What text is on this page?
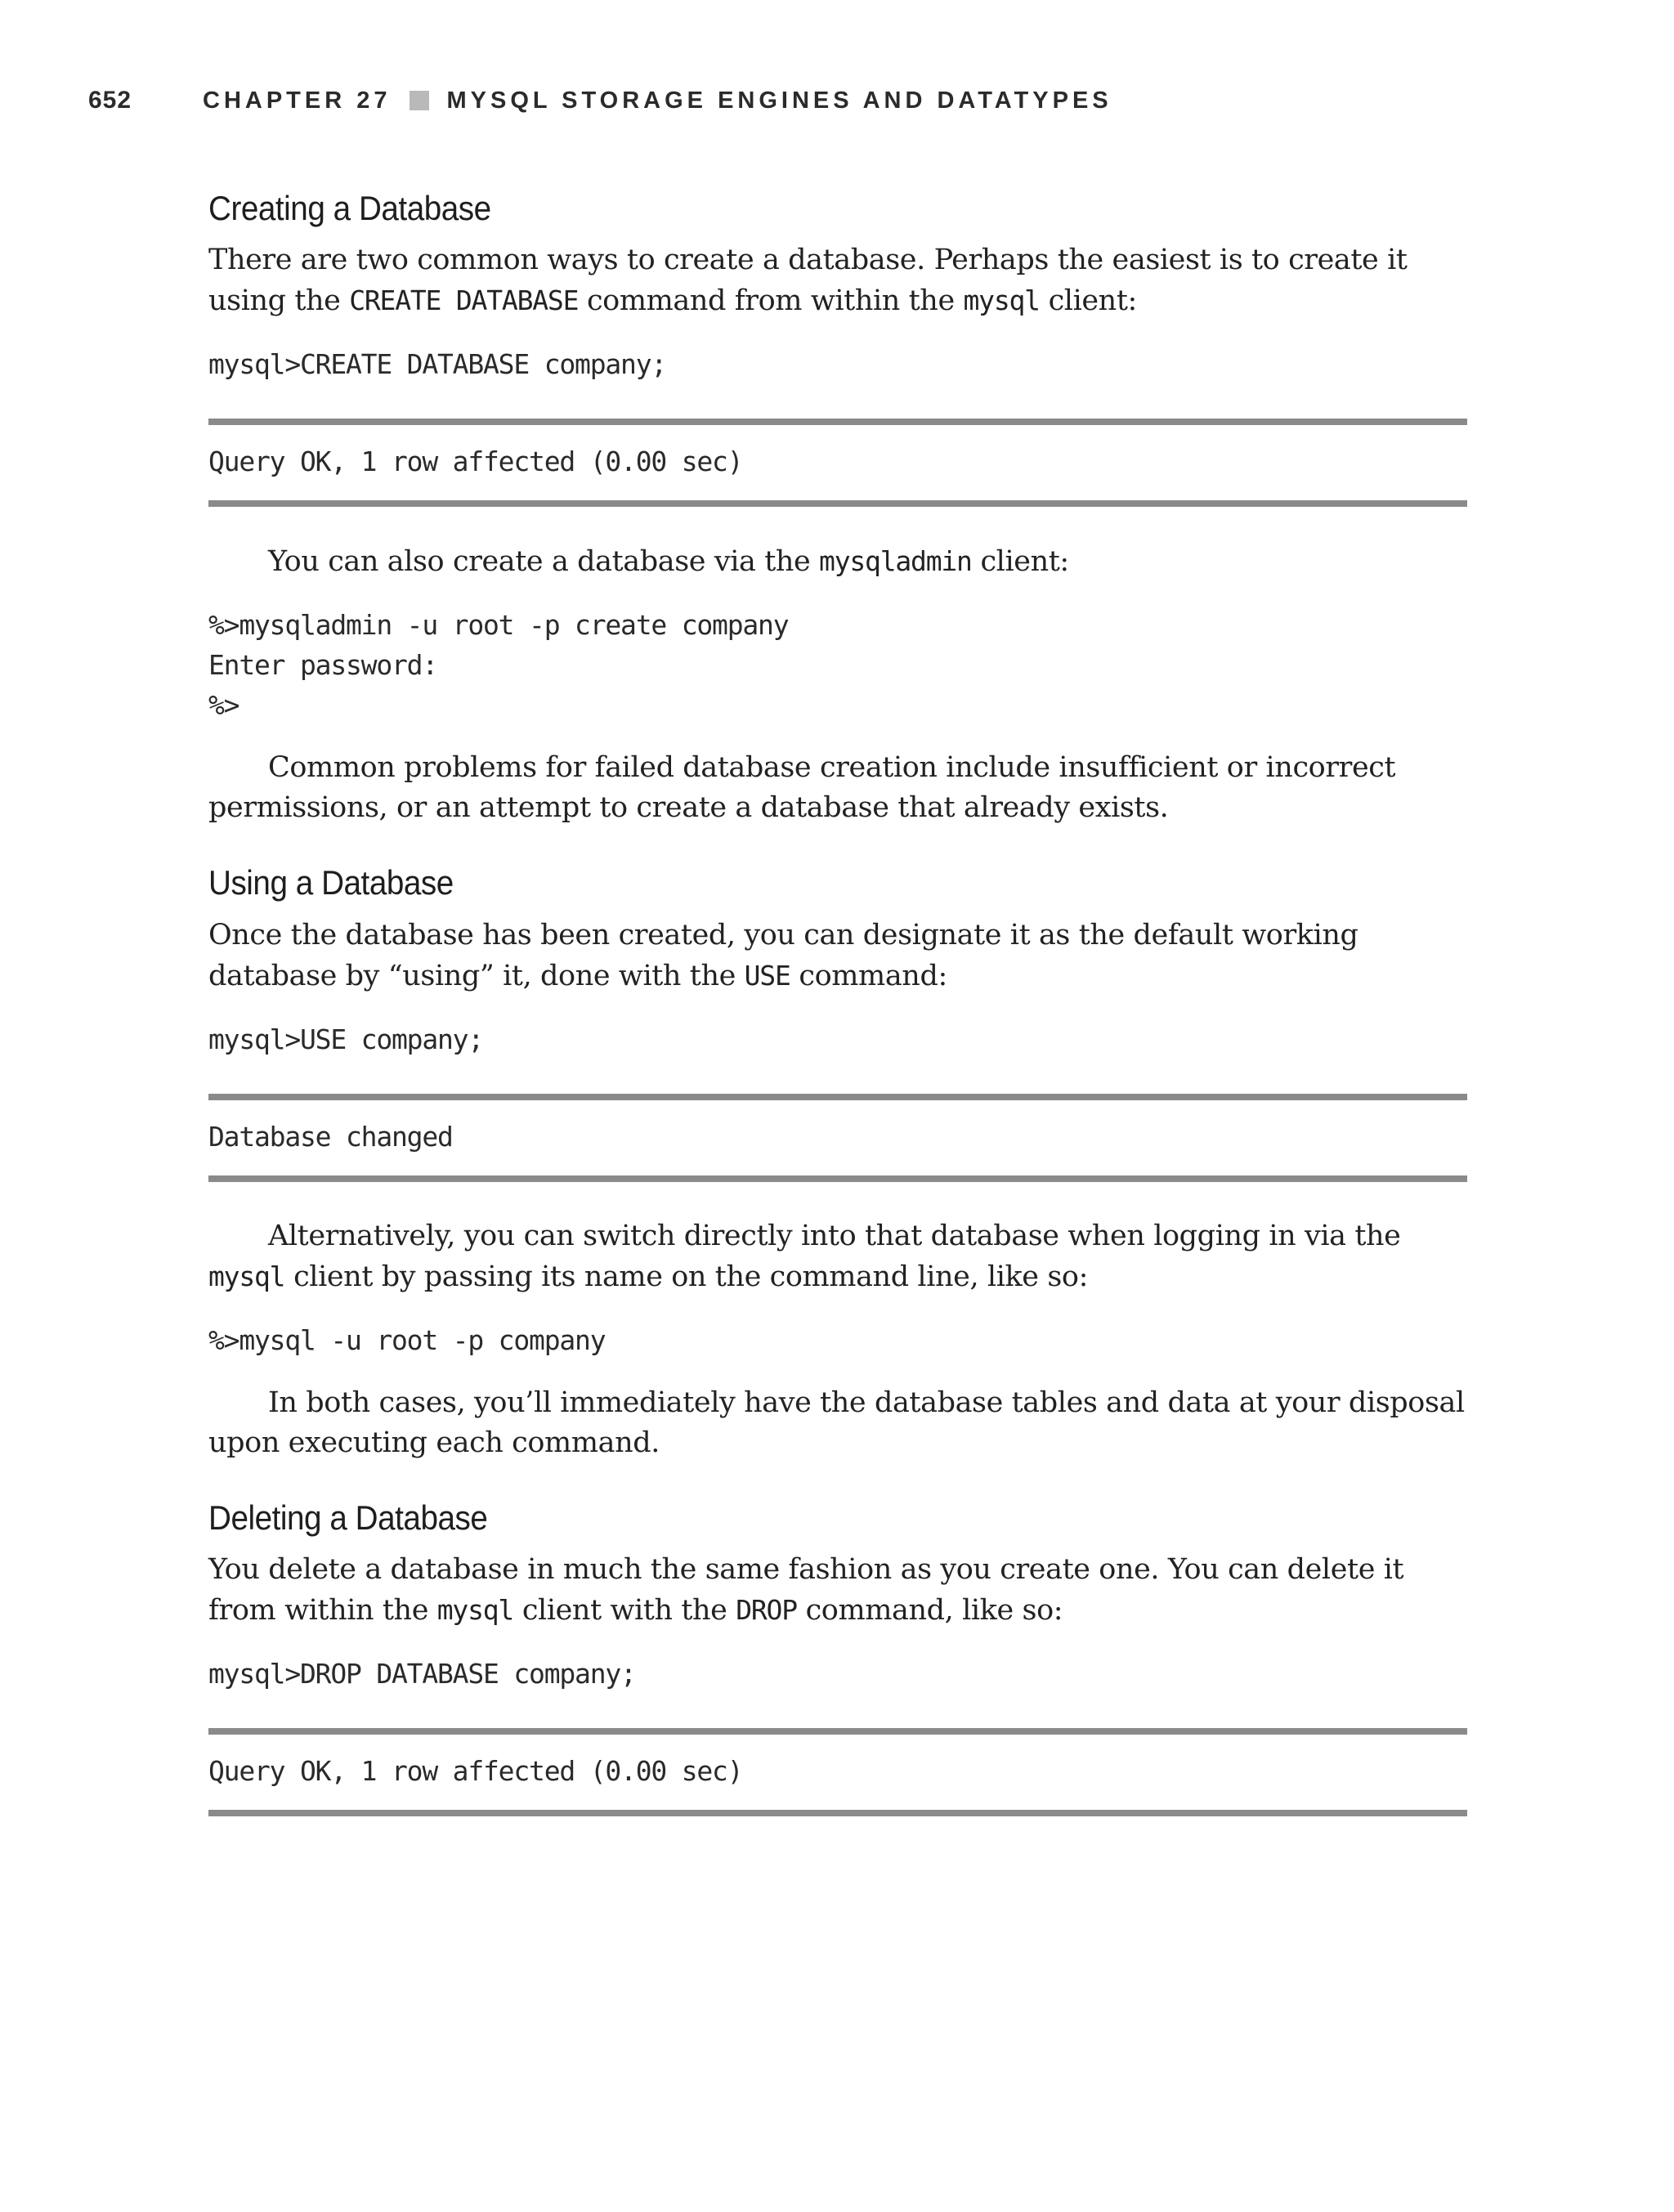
652	CHAPTER 27 MYSQL STORAGE ENGINES AND DATATYPES
Creating a Database

There are two common ways to create a database. Perhaps the easiest is to create it using the CREATE DATABASE command from within the mysql client:

mysql>CREATE DATABASE company;
Query OK, 1 row affected (0.00 sec)

You can also create a database via the mysqladmin client:

%>mysqladmin -u root -p create company
Enter password:
%>

Common problems for failed database creation include insufficient or incorrect permissions, or an attempt to create a database that already exists.

Using a Database

Once the database has been created, you can designate it as the default working database by “using” it, done with the USE command:

mysql>USE company;
Database changed

Alternatively, you can switch directly into that database when logging in via the mysql client by passing its name on the command line, like so:

%>mysql -u root -p company

In both cases, you’ll immediately have the database tables and data at your disposal upon executing each command.

Deleting a Database

You delete a database in much the same fashion as you create one. You can delete it from within the mysql client with the DROP command, like so:

mysql>DROP DATABASE company;
Query OK, 1 row affected (0.00 sec)
